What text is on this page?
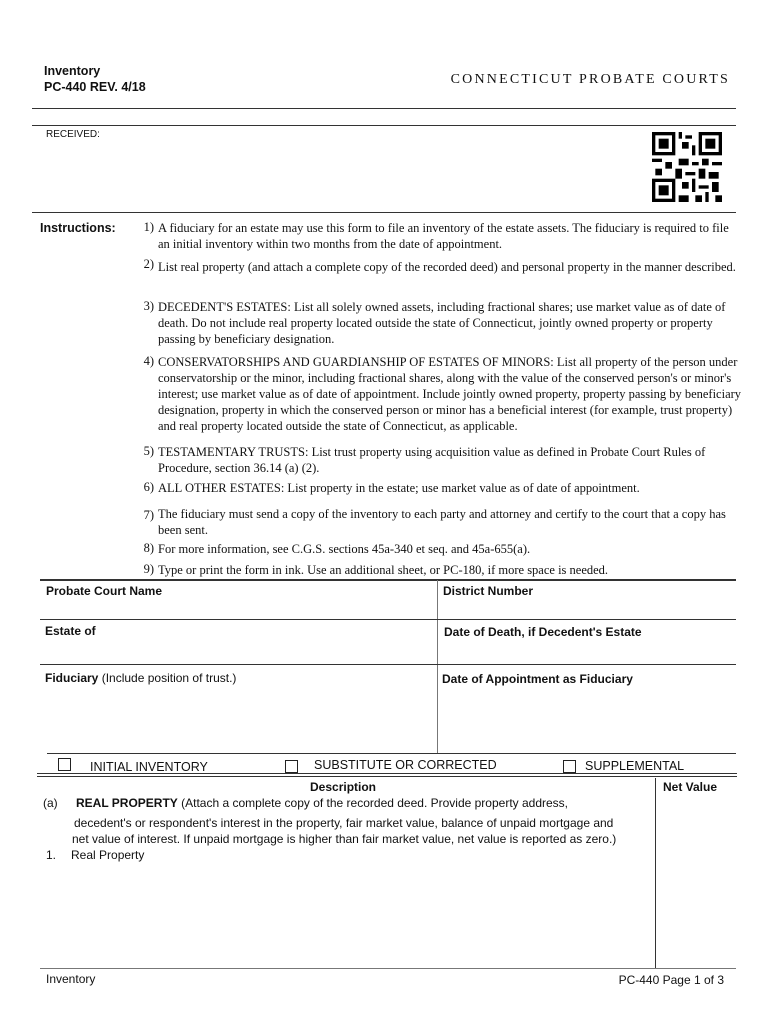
Inventory
PC-440 REV. 4/18	CONNECTICUT PROBATE COURTS
RECEIVED:
Instructions:	1) A fiduciary for an estate may use this form to file an inventory of the estate assets. The fiduciary is required to file an initial inventory within two months from the date of appointment.
2) List real property (and attach a complete copy of the recorded deed) and personal property in the manner described.
3) DECEDENT'S ESTATES: List all solely owned assets, including fractional shares; use market value as of date of death. Do not include real property located outside the state of Connecticut, jointly owned property or property passing by beneficiary designation.
4) CONSERVATORSHIPS AND GUARDIANSHIP OF ESTATES OF MINORS: List all property of the person under conservatorship or the minor, including fractional shares, along with the value of the conserved person's or minor's interest; use market value as of date of appointment. Include jointly owned property, property passing by beneficiary designation, property in which the conserved person or minor has a beneficial interest (for example, trust property) and real property located outside the state of Connecticut, as applicable.
5) TESTAMENTARY TRUSTS: List trust property using acquisition value as defined in Probate Court Rules of Procedure, section 36.14 (a) (2).
6) ALL OTHER ESTATES: List property in the estate; use market value as of date of appointment.
7) The fiduciary must send a copy of the inventory to each party and attorney and certify to the court that a copy has been sent.
8) For more information, see C.G.S. sections 45a-340 et seq. and 45a-655(a).
9) Type or print the form in ink. Use an additional sheet, or PC-180, if more space is needed.
Probate Court Name	District Number
Estate of	Date of Death, if Decedent's Estate
Fiduciary (Include position of trust.)	Date of Appointment as Fiduciary
INITIAL INVENTORY	SUBSTITUTE OR CORRECTED	SUPPLEMENTAL
Description	Net Value
(a) REAL PROPERTY (Attach a complete copy of the recorded deed. Provide property address,
decedent's or respondent's interest in the property, fair market value, balance of unpaid mortgage and
net value of interest. If unpaid mortgage is higher than fair market value, net value is reported as zero.)
1. Real Property
Inventory	PC-440 Page 1 of 3
